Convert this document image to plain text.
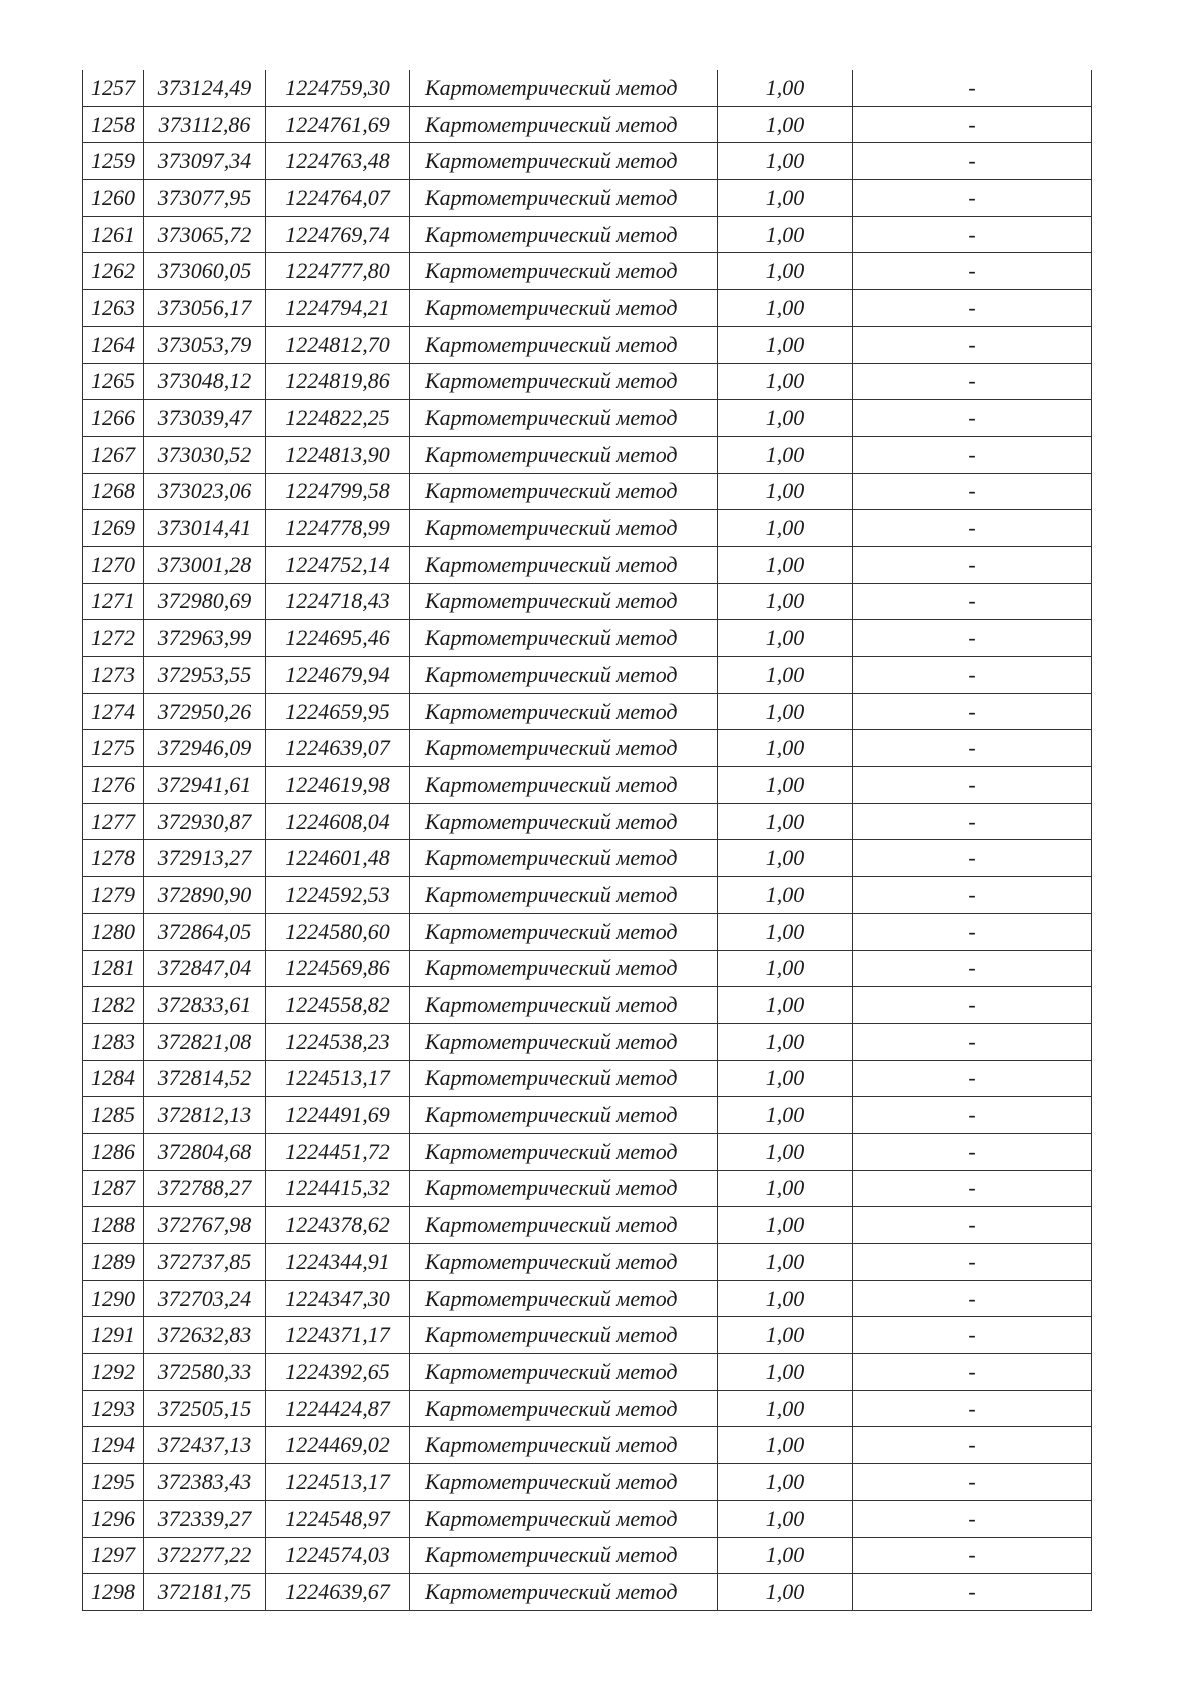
1257	373124,49	1224759,30	Картометрический метод	1,00	-
1258	373112,86	1224761,69	Картометрический метод	1,00	-
1259	373097,34	1224763,48	Картометрический метод	1,00	-
1260	373077,95	1224764,07	Картометрический метод	1,00	-
1261	373065,72	1224769,74	Картометрический метод	1,00	-
1262	373060,05	1224777,80	Картометрический метод	1,00	-
1263	373056,17	1224794,21	Картометрический метод	1,00	-
1264	373053,79	1224812,70	Картометрический метод	1,00	-
1265	373048,12	1224819,86	Картометрический метод	1,00	-
1266	373039,47	1224822,25	Картометрический метод	1,00	-
1267	373030,52	1224813,90	Картометрический метод	1,00	-
1268	373023,06	1224799,58	Картометрический метод	1,00	-
1269	373014,41	1224778,99	Картометрический метод	1,00	-
1270	373001,28	1224752,14	Картометрический метод	1,00	-
1271	372980,69	1224718,43	Картометрический метод	1,00	-
1272	372963,99	1224695,46	Картометрический метод	1,00	-
1273	372953,55	1224679,94	Картометрический метод	1,00	-
1274	372950,26	1224659,95	Картометрический метод	1,00	-
1275	372946,09	1224639,07	Картометрический метод	1,00	-
1276	372941,61	1224619,98	Картометрический метод	1,00	-
1277	372930,87	1224608,04	Картометрический метод	1,00	-
1278	372913,27	1224601,48	Картометрический метод	1,00	-
1279	372890,90	1224592,53	Картометрический метод	1,00	-
1280	372864,05	1224580,60	Картометрический метод	1,00	-
1281	372847,04	1224569,86	Картометрический метод	1,00	-
1282	372833,61	1224558,82	Картометрический метод	1,00	-
1283	372821,08	1224538,23	Картометрический метод	1,00	-
1284	372814,52	1224513,17	Картометрический метод	1,00	-
1285	372812,13	1224491,69	Картометрический метод	1,00	-
1286	372804,68	1224451,72	Картометрический метод	1,00	-
1287	372788,27	1224415,32	Картометрический метод	1,00	-
1288	372767,98	1224378,62	Картометрический метод	1,00	-
1289	372737,85	1224344,91	Картометрический метод	1,00	-
1290	372703,24	1224347,30	Картометрический метод	1,00	-
1291	372632,83	1224371,17	Картометрический метод	1,00	-
1292	372580,33	1224392,65	Картометрический метод	1,00	-
1293	372505,15	1224424,87	Картометрический метод	1,00	-
1294	372437,13	1224469,02	Картометрический метод	1,00	-
1295	372383,43	1224513,17	Картометрический метод	1,00	-
1296	372339,27	1224548,97	Картометрический метод	1,00	-
1297	372277,22	1224574,03	Картометрический метод	1,00	-
1298	372181,75	1224639,67	Картометрический метод	1,00	-
